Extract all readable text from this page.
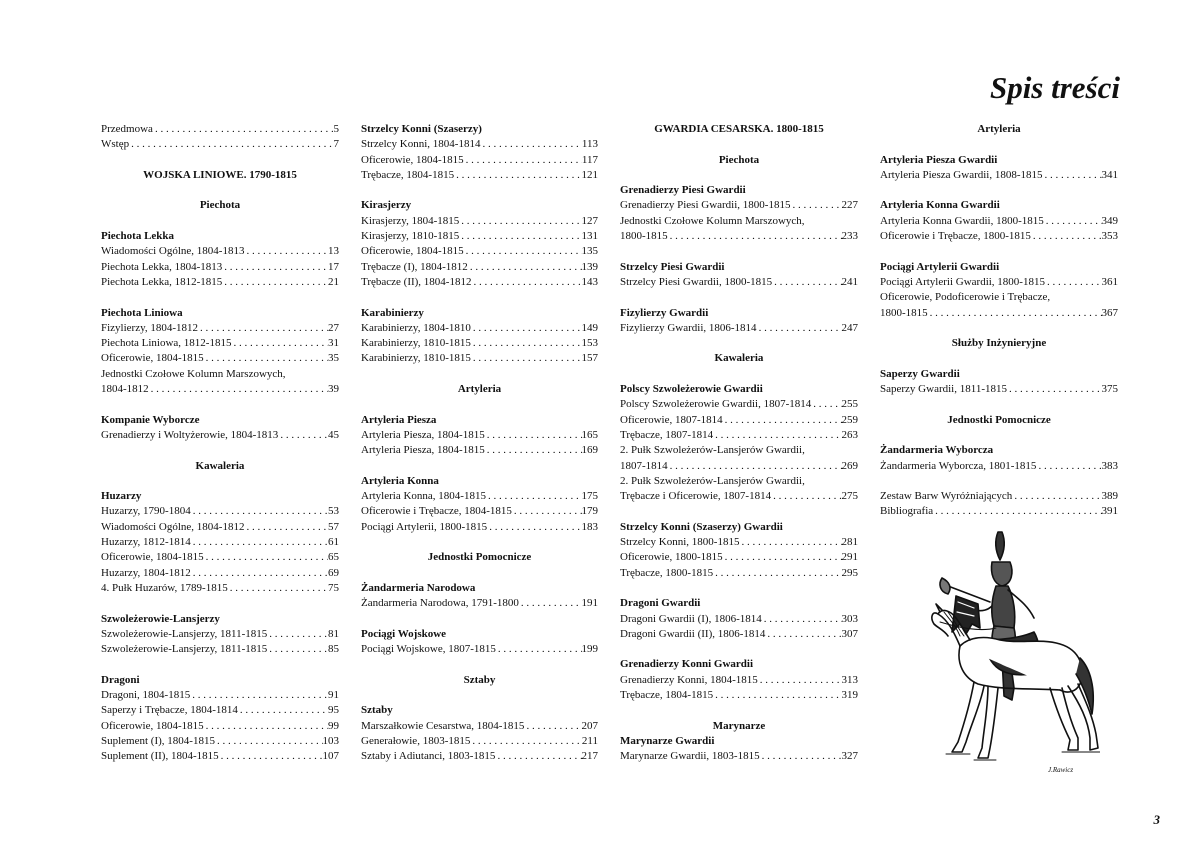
Spis treści
Przedmowa . . .	5
Wstęp . . .	7
WOJSKA LINIOWE. 1790-1815
Piechota
Piechota Lekka
Wiadomości Ogólne, 1804-1813 . . .	13
Piechota Lekka, 1804-1813 . . .	17
Piechota Lekka, 1812-1815 . . .	21
Piechota Liniowa
Fizylierzy, 1804-1812 . . .	27
Piechota Liniowa, 1812-1815 . . .	31
Oficerowie, 1804-1815 . . .	35
Jednostki Czołowe Kolumn Marszowych,
1804-1812 . . .	39
Kompanie Wyborcze
Grenadierzy i Woltyżerowie, 1804-1813 . . .	45
Kawaleria
Huzarzy
Huzarzy, 1790-1804 . . .	53
Wiadomości Ogólne, 1804-1812 . . .	57
Huzarzy, 1812-1814 . . .	61
Oficerowie, 1804-1815 . . .	65
Huzarzy, 1804-1812 . . .	69
4. Pułk Huzarów, 1789-1815 . . .	75
Szwoleżerowie-Lansjerzy
Szwoleżerowie-Lansjerzy, 1811-1815 . . .	81
Szwoleżerowie-Lansjerzy, 1811-1815 . . .	85
Dragoni
Dragoni, 1804-1815 . . .	91
Saperzy i Trębacze, 1804-1814 . . .	95
Oficerowie, 1804-1815 . . .	99
Suplement (I), 1804-1815 . . .	103
Suplement (II), 1804-1815 . . .	107
Strzelcy Konni (Szaserzy)
Strzelcy Konni, 1804-1814 . . .	113
Oficerowie, 1804-1815 . . .	117
Trębacze, 1804-1815 . . .	121
Kirasjerzy
Kirasjerzy, 1804-1815 . . .	127
Kirasjerzy, 1810-1815 . . .	131
Oficerowie, 1804-1815 . . .	135
Trębacze (I), 1804-1812 . . .	139
Trębacze (II), 1804-1812 . . .	143
Karabinierzy
Karabinierzy, 1804-1810 . . .	149
Karabinierzy, 1810-1815 . . .	153
Karabinierzy, 1810-1815 . . .	157
Artyleria
Artyleria Piesza
Artyleria Piesza, 1804-1815 . . .	165
Artyleria Piesza, 1804-1815 . . .	169
Artyleria Konna
Artyleria Konna, 1804-1815 . . .	175
Oficerowie i Trębacze, 1804-1815 . . .	179
Pociągi Artylerii, 1800-1815 . . .	183
Jednostki Pomocnicze
Żandarmeria Narodowa
Żandarmeria Narodowa, 1791-1800 . . .	191
Pociągi Wojskowe
Pociągi Wojskowe, 1807-1815 . . .	199
Sztaby
Sztaby
Marszałkowie Cesarstwa, 1804-1815 . . .	207
Generałowie, 1803-1815 . . .	211
Sztaby i Adiutanci, 1803-1815 . . .	217
GWARDIA CESARSKA. 1800-1815
Piechota
Grenadierzy Piesi Gwardii
Grenadierzy Piesi Gwardii, 1800-1815 . . .	227
Jednostki Czołowe Kolumn Marszowych,
1800-1815 . . .	233
Strzelcy Piesi Gwardii
Strzelcy Piesi Gwardii, 1800-1815 . . .	241
Fizylierzy Gwardii
Fizylierzy Gwardii, 1806-1814 . . .	247
Kawaleria
Polscy Szwoleżerowie Gwardii
Polscy Szwoleżerowie Gwardii, 1807-1814 . . .	255
Oficerowie, 1807-1814 . . .	259
Trębacze, 1807-1814 . . .	263
2. Pułk Szwoleżerów-Lansjerów Gwardii,
1807-1814 . . .	269
2. Pułk Szwoleżerów-Lansjerów Gwardii,
Trębacze i Oficerowie, 1807-1814 . . .	275
Strzelcy Konni (Szaserzy) Gwardii
Strzelcy Konni, 1800-1815 . . .	281
Oficerowie, 1800-1815 . . .	291
Trębacze, 1800-1815 . . .	295
Dragoni Gwardii
Dragoni Gwardii (I), 1806-1814 . . .	303
Dragoni Gwardii (II), 1806-1814 . . .	307
Grenadierzy Konni Gwardii
Grenadierzy Konni, 1804-1815 . . .	313
Trębacze, 1804-1815 . . .	319
Marynarze
Marynarze Gwardii
Marynarze Gwardii, 1803-1815 . . .	327
Artyleria
Artyleria Piesza Gwardii
Artyleria Piesza Gwardii, 1808-1815 . . .	341
Artyleria Konna Gwardii
Artyleria Konna Gwardii, 1800-1815 . . .	349
Oficerowie i Trębacze, 1800-1815 . . .	353
Pociągi Artylerii Gwardii
Pociągi Artylerii Gwardii, 1800-1815 . . .	361
Oficerowie, Podoficerowie i Trębacze,
1800-1815 . . .	367
Służby Inżynieryjne
Saperzy Gwardii
Saperzy Gwardii, 1811-1815 . . .	375
Jednostki Pomocnicze
Żandarmeria Wyborcza
Żandarmeria Wyborcza, 1801-1815 . . .	383
Zestaw Barw Wyróżniających . . .	389
Bibliografia . . .	391
J.Rawicz
3
